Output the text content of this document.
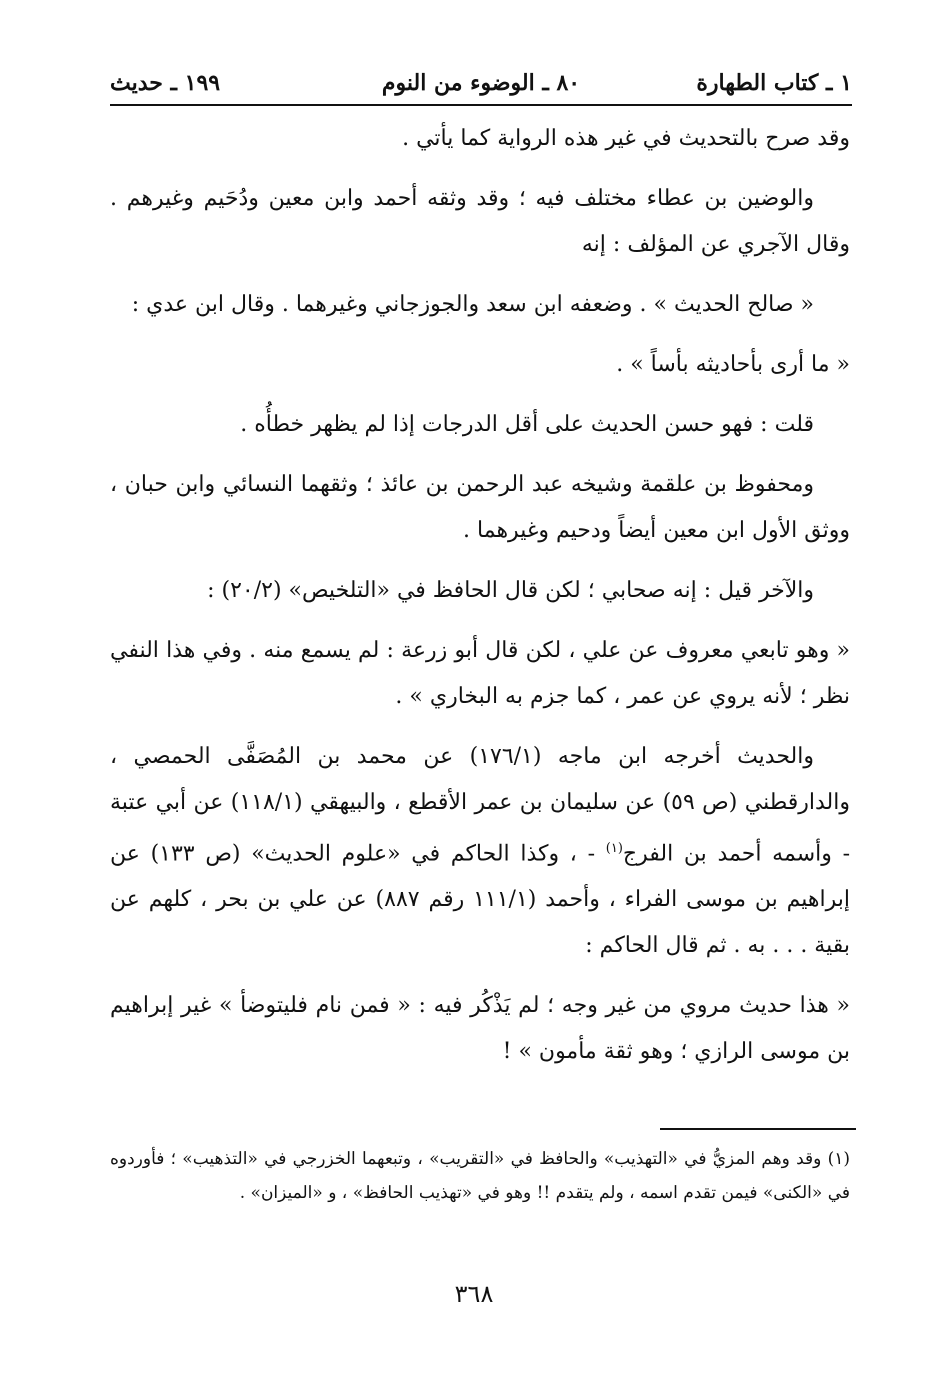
١ ـ كتاب الطهارة
٨٠ ـ الوضوء من النوم
١٩٩ ـ حديث

وقد صرح بالتحديث في غير هذه الرواية كما يأتي .

والوضين بن عطاء مختلف فيه ؛ وقد وثقه أحمد وابن معين ودُحَيم وغيرهم . وقال الآجري عن المؤلف : إنه

« صالح الحديث » . وضعفه ابن سعد والجوزجاني وغيرهما . وقال ابن عدي :

« ما أرى بأحاديثه بأساً » .

قلت : فهو حسن الحديث على أقل الدرجات إذا لم يظهر خطأُه .

ومحفوظ بن علقمة وشيخه عبد الرحمن بن عائذ ؛ وثقهما النسائي وابن حبان ، ووثق الأول ابن معين أيضاً ودحيم وغيرهما .

والآخر قيل : إنه صحابي ؛ لكن قال الحافظ في «التلخيص» (٢٠/٢) :

« وهو تابعي معروف عن علي ، لكن قال أبو زرعة : لم يسمع منه . وفي هذا النفي نظر ؛ لأنه يروي عن عمر ، كما جزم به البخاري » .

والحديث أخرجه ابن ماجه (١٧٦/١) عن محمد بن المُصَفَّى الحمصي ، والدارقطني (ص ٥٩) عن سليمان بن عمر الأقطع ، والبيهقي (١١٨/١) عن أبي عتبة - وأسمه أحمد بن الفرج$^{(١)}$ - ، وكذا الحاكم في «علوم الحديث» (ص ١٣٣) عن إبراهيم بن موسى الفراء ، وأحمد (١١١/١ رقم ٨٨٧) عن علي بن بحر ، كلهم عن بقية . . . به . ثم قال الحاكم :

« هذا حديث مروي من غير وجه ؛ لم يَذْكُر فيه : « فمن نام فليتوضأ » غير إبراهيم بن موسى الرازي ؛ وهو ثقة مأمون » !

(١) وقد وهم المزيُّ في «التهذيب» والحافظ في «التقريب» ، وتبعهما الخزرجي في «التذهيب» ؛ فأوردوه في «الكنى» فيمن تقدم اسمه ، ولم يتقدم !! وهو في «تهذيب الحافظ» ، و «الميزان» .

٣٦٨
